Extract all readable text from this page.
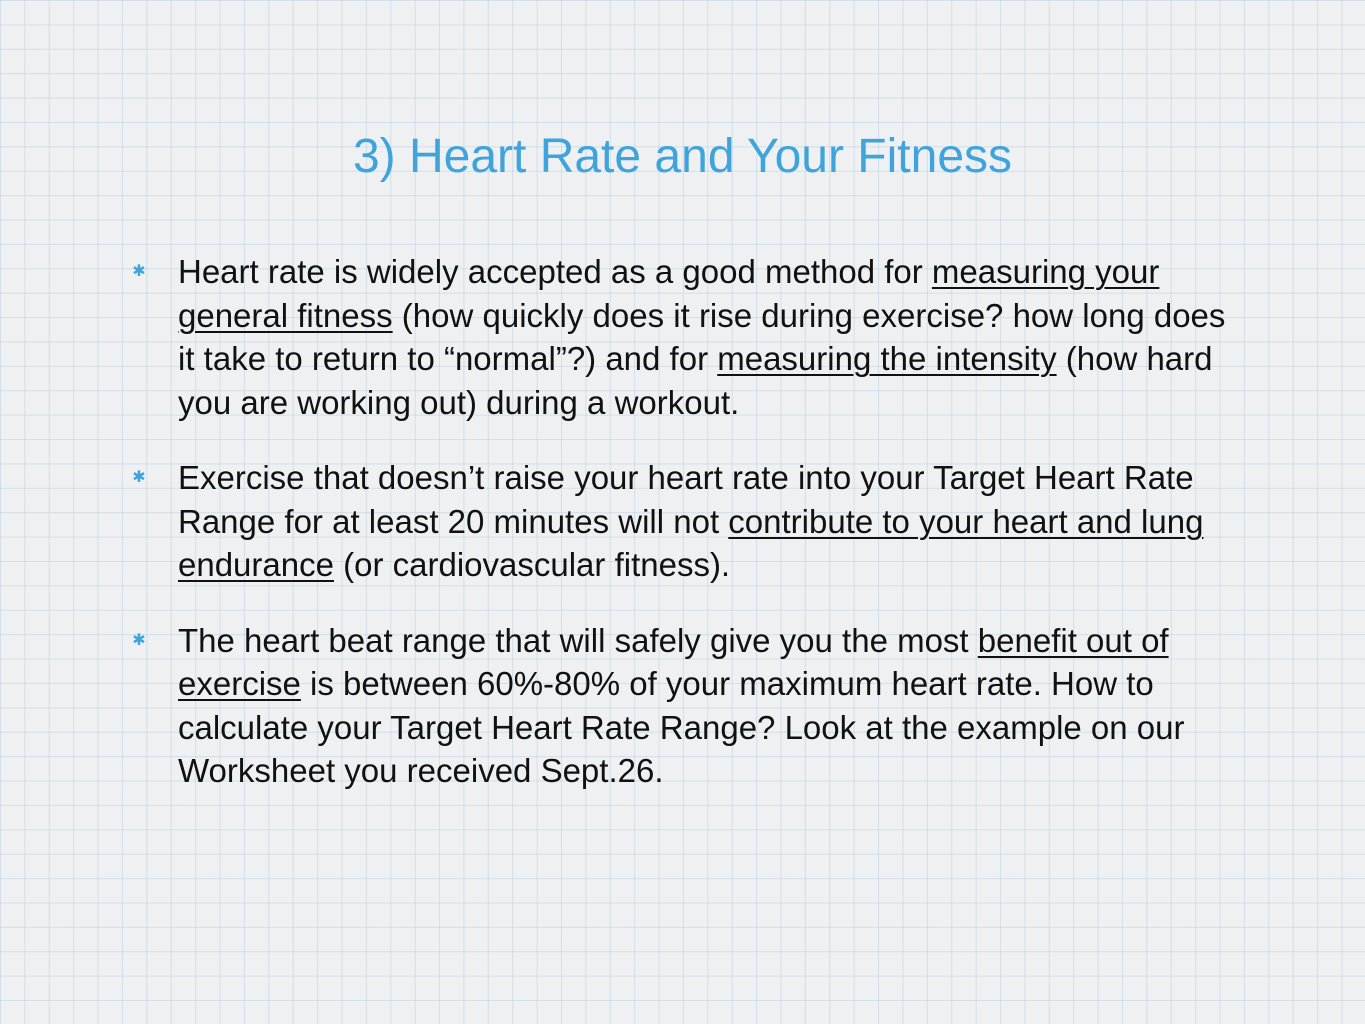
3) Heart Rate and Your Fitness
✱ Heart rate is widely accepted as a good method for measuring your general fitness (how quickly does it rise during exercise? how long does it take to return to “normal”?) and for measuring the intensity (how hard you are working out) during a workout.
✱ Exercise that doesn’t raise your heart rate into your Target Heart Rate Range for at least 20 minutes will not contribute to your heart and lung endurance (or cardiovascular fitness).
✱ The heart beat range that will safely give you the most benefit out of exercise is between 60%-80% of your maximum heart rate. How to calculate your Target Heart Rate Range? Look at the example on our Worksheet you received Sept.26.
